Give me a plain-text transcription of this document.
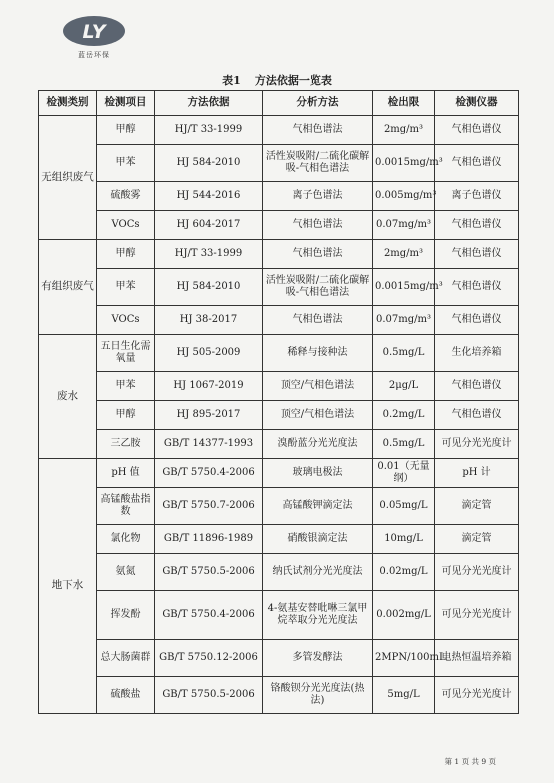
LY
蓝岳环保
表1 方法依据一览表
检测类别	检测项目	方法依据	分析方法	检出限	检测仪器
无组织废气	甲醇	HJ/T 33-1999	气相色谱法	2mg/m³	气相色谱仪
	甲苯	HJ 584-2010	活性炭吸附/二硫化碳解吸-气相色谱法	0.0015mg/m³	气相色谱仪
	硫酸雾	HJ 544-2016	离子色谱法	0.005mg/m³	离子色谱仪
	VOCs	HJ 604-2017	气相色谱法	0.07mg/m³	气相色谱仪
有组织废气	甲醇	HJ/T 33-1999	气相色谱法	2mg/m³	气相色谱仪
	甲苯	HJ 584-2010	活性炭吸附/二硫化碳解吸-气相色谱法	0.0015mg/m³	气相色谱仪
	VOCs	HJ 38-2017	气相色谱法	0.07mg/m³	气相色谱仪
废水	五日生化需氧量	HJ 505-2009	稀释与接种法	0.5mg/L	生化培养箱
	甲苯	HJ 1067-2019	顶空/气相色谱法	2μg/L	气相色谱仪
	甲醇	HJ 895-2017	顶空/气相色谱法	0.2mg/L	气相色谱仪
	三乙胺	GB/T 14377-1993	溴酚蓝分光光度法	0.5mg/L	可见分光光度计
地下水	pH 值	GB/T 5750.4-2006	玻璃电极法	0.01（无量纲）	pH 计
	高锰酸盐指数	GB/T 5750.7-2006	高锰酸钾滴定法	0.05mg/L	滴定管
	氯化物	GB/T 11896-1989	硝酸银滴定法	10mg/L	滴定管
	氨氮	GB/T 5750.5-2006	纳氏试剂分光光度法	0.02mg/L	可见分光光度计
	挥发酚	GB/T 5750.4-2006	4-氨基安替吡啉三氯甲烷萃取分光光度法	0.002mg/L	可见分光光度计
	总大肠菌群	GB/T 5750.12-2006	多管发酵法	2MPN/100mL	电热恒温培养箱
	硫酸盐	GB/T 5750.5-2006	铬酸钡分光光度法(热法)	5mg/L	可见分光光度计
第 1 页 共 9 页
